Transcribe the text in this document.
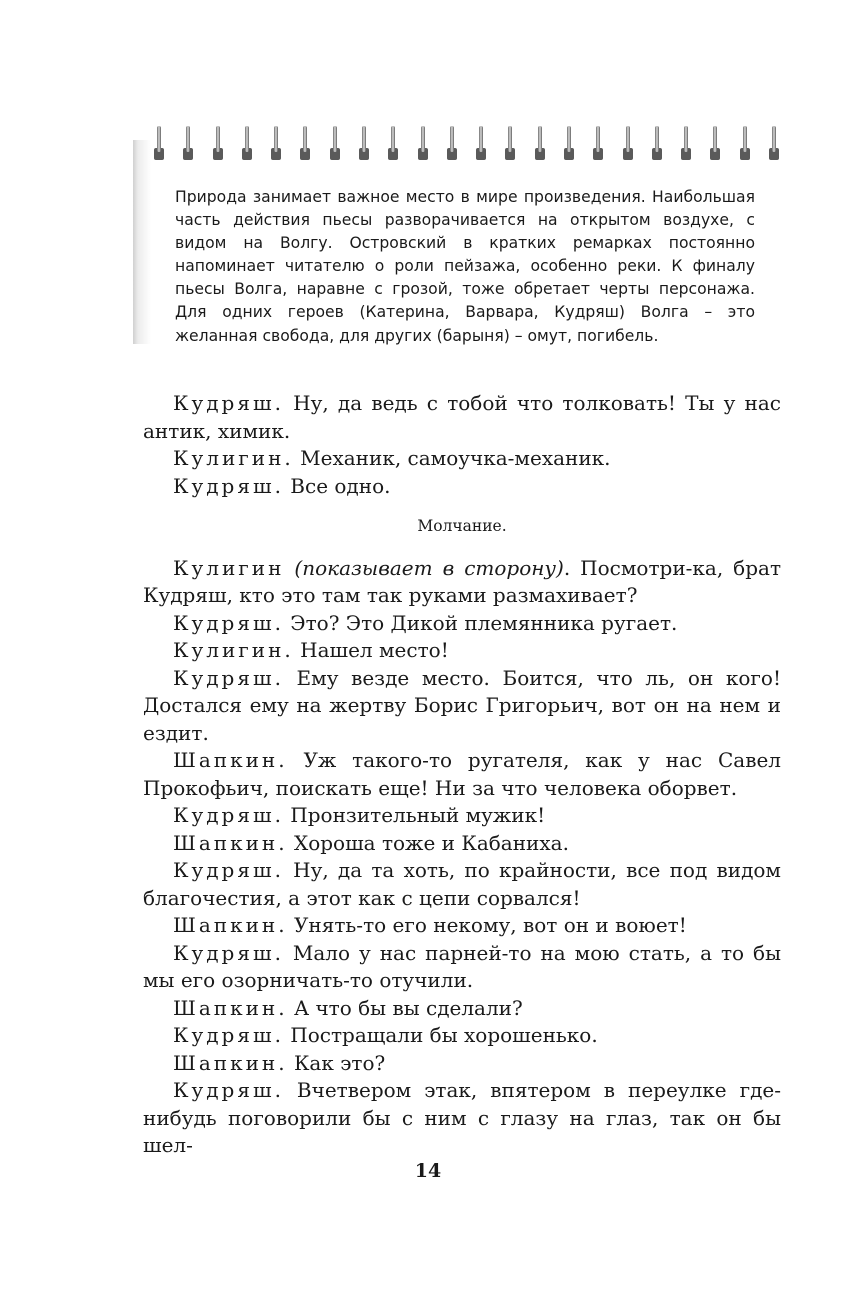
Природа занимает важное место в мире произведения. Наибольшая часть действия пьесы разворачивается на открытом воздухе, с видом на Волгу. Островский в кратких ремарках постоянно напоминает читателю о роли пейзажа, особенно реки. К финалу пьесы Волга, наравне с грозой, тоже обретает черты персонажа. Для одних героев (Катерина, Варвара, Кудряш) Волга – это желанная свобода, для других (барыня) – омут, погибель.

Кудряш. Ну, да ведь с тобой что толковать! Ты у нас антик, химик.

Кулигин. Механик, самоучка-механик.

Кудряш. Все одно.

Молчание.

Кулигин (показывает в сторону). Посмотри-ка, брат Кудряш, кто это там так руками размахивает?

Кудряш. Это? Это Дикой племянника ругает.

Кулигин. Нашел место!

Кудряш. Ему везде место. Боится, что ль, он кого! Достался ему на жертву Борис Григорьич, вот он на нем и ездит.

Шапкин. Уж такого-то ругателя, как у нас Савел Прокофьич, поискать еще! Ни за что человека оборвет.

Кудряш. Пронзительный мужик!

Шапкин. Хороша тоже и Кабаниха.

Кудряш. Ну, да та хоть, по крайности, все под видом благочестия, а этот как с цепи сорвался!

Шапкин. Унять-то его некому, вот он и воюет!

Кудряш. Мало у нас парней-то на мою стать, а то бы мы его озорничать-то отучили.

Шапкин. А что бы вы сделали?

Кудряш. Постращали бы хорошенько.

Шапкин. Как это?

Кудряш. Вчетвером этак, впятером в переулке где-нибудь поговорили бы с ним с глазу на глаз, так он бы шел-

14
